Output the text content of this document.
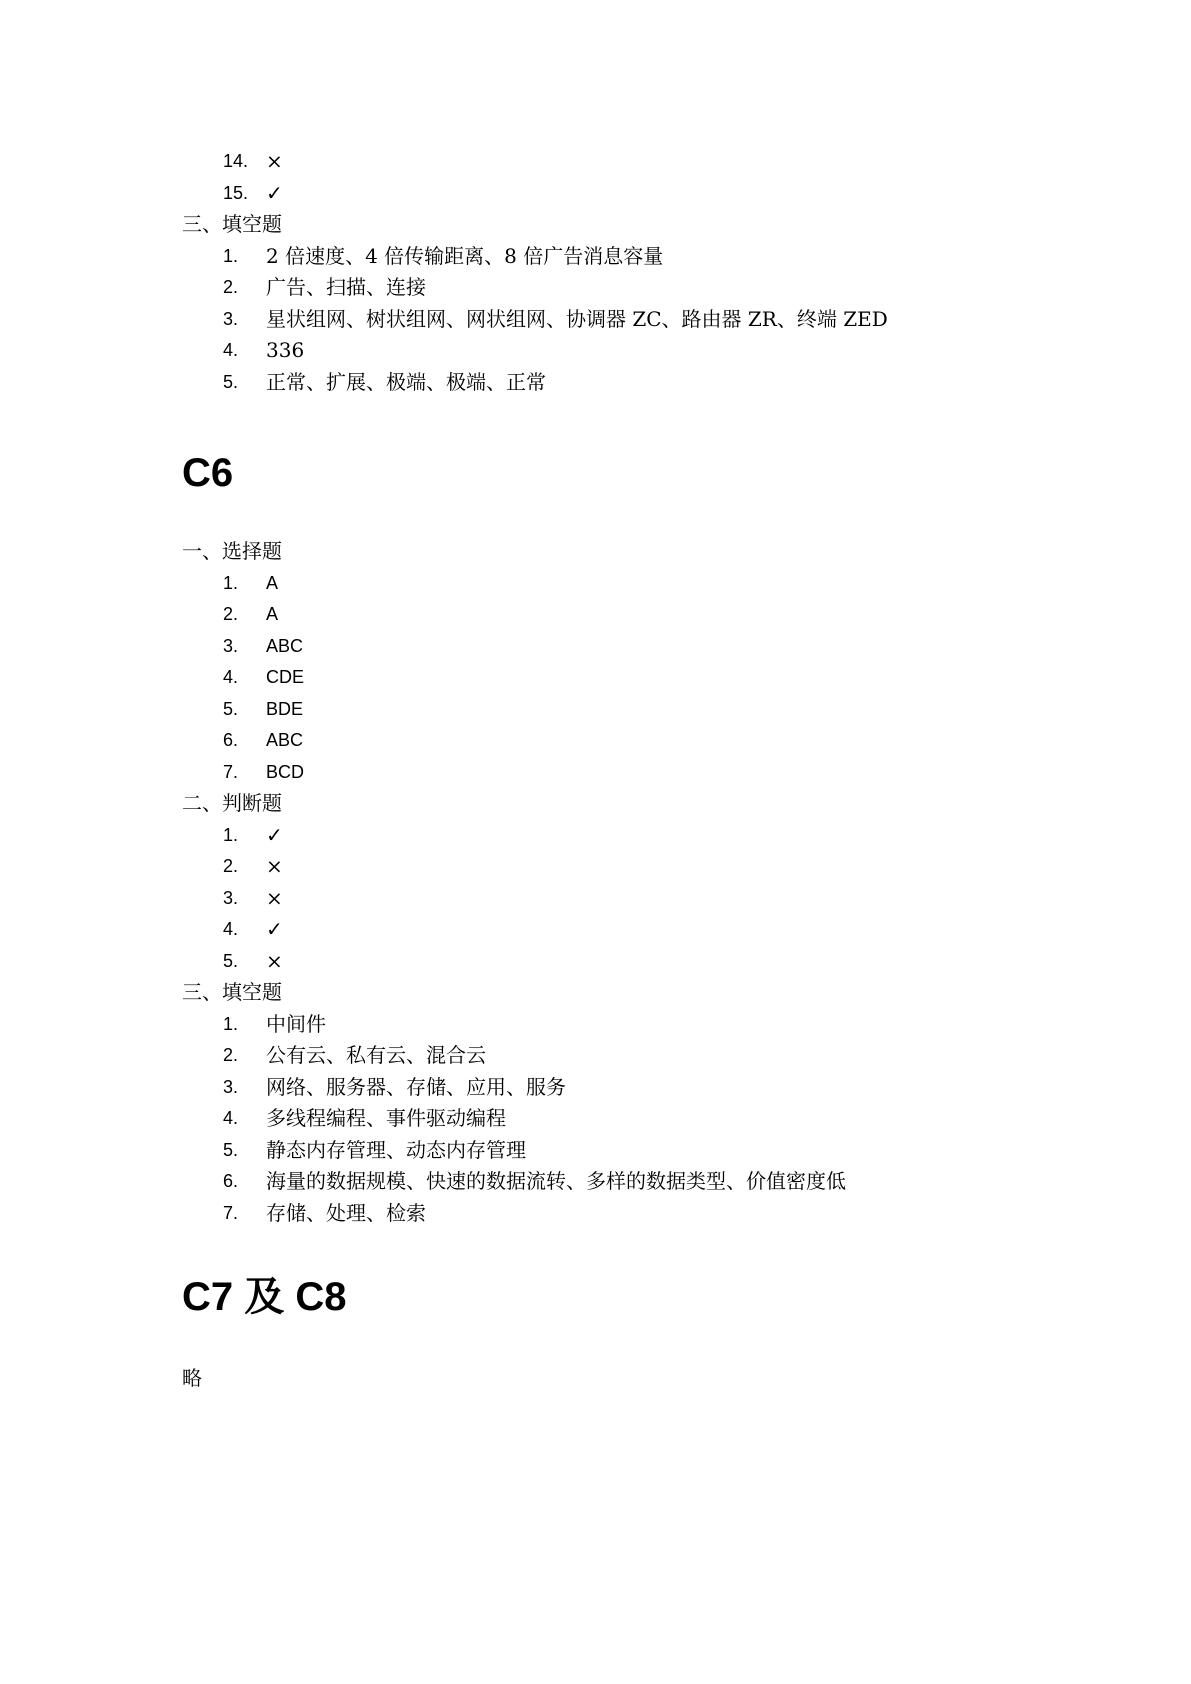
14. ×
15. ✓
三、填空题
1.	2 倍速度、4 倍传输距离、8 倍广告消息容量
2.	广告、扫描、连接
3.	星状组网、树状组网、网状组网、协调器 ZC、路由器 ZR、终端 ZED
4.	336
5.	正常、扩展、极端、极端、正常
C6
一、选择题
1.	A
2.	A
3.	ABC
4.	CDE
5.	BDE
6.	ABC
7.	BCD
二、判断题
1.	✓
2.	×
3.	×
4.	✓
5.	×
三、填空题
1.	中间件
2.	公有云、私有云、混合云
3.	网络、服务器、存储、应用、服务
4.	多线程编程、事件驱动编程
5.	静态内存管理、动态内存管理
6.	海量的数据规模、快速的数据流转、多样的数据类型、价值密度低
7.	存储、处理、检索
C7 及 C8
略
